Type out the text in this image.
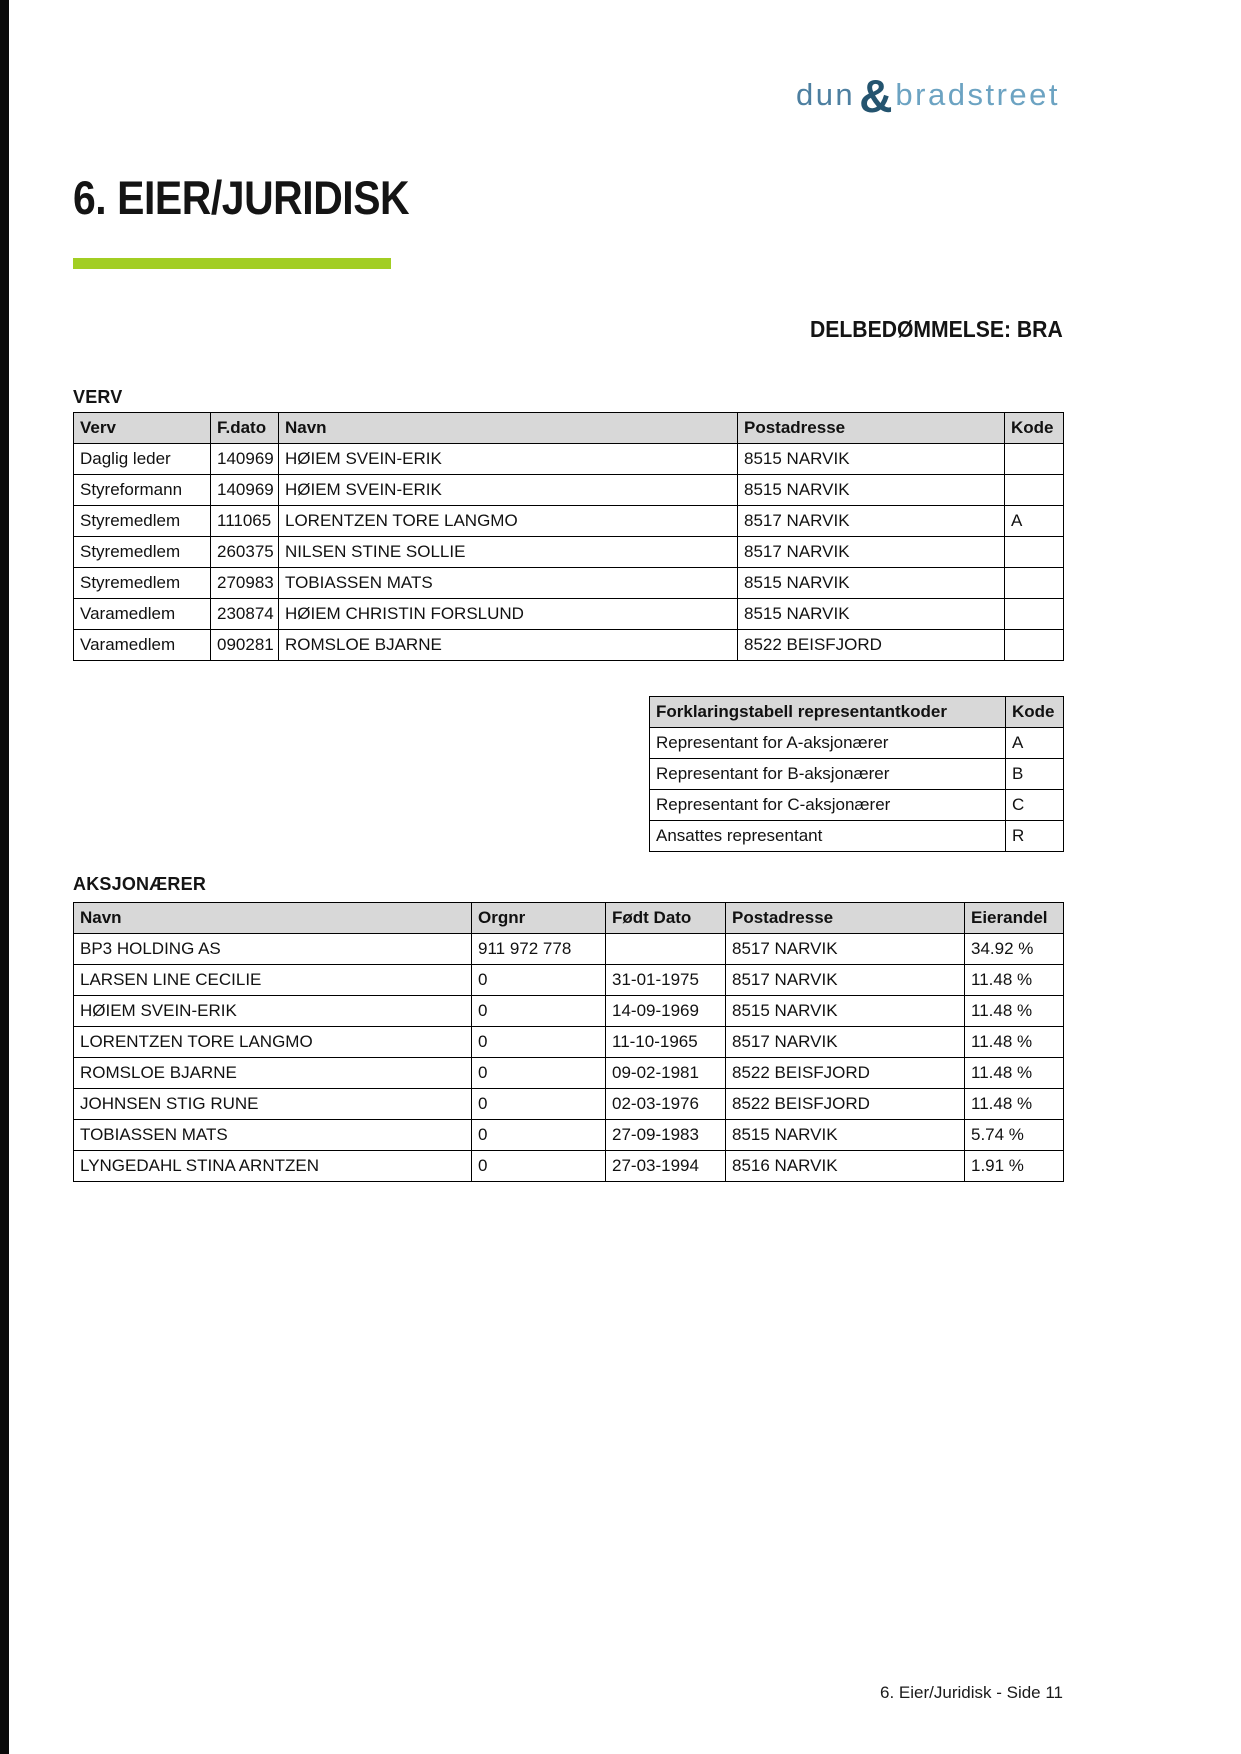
dun & bradstreet
6. EIER/JURIDISK
DELBEDØMMELSE: BRA
VERV
Verv	F.dato	Navn	Postadresse	Kode
Daglig leder	140969	HØIEM SVEIN-ERIK	8515 NARVIK	
Styreformann	140969	HØIEM SVEIN-ERIK	8515 NARVIK	
Styremedlem	111065	LORENTZEN TORE LANGMO	8517 NARVIK	A
Styremedlem	260375	NILSEN STINE SOLLIE	8517 NARVIK	
Styremedlem	270983	TOBIASSEN MATS	8515 NARVIK	
Varamedlem	230874	HØIEM CHRISTIN FORSLUND	8515 NARVIK	
Varamedlem	090281	ROMSLOE BJARNE	8522 BEISFJORD	
Forklaringstabell representantkoder	Kode
Representant for A-aksjonærer	A
Representant for B-aksjonærer	B
Representant for C-aksjonærer	C
Ansattes representant	R
AKSJONÆRER
Navn	Orgnr	Født Dato	Postadresse	Eierandel
BP3 HOLDING AS	911 972 778		8517 NARVIK	34.92 %
LARSEN LINE CECILIE	0	31-01-1975	8517 NARVIK	11.48 %
HØIEM SVEIN-ERIK	0	14-09-1969	8515 NARVIK	11.48 %
LORENTZEN TORE LANGMO	0	11-10-1965	8517 NARVIK	11.48 %
ROMSLOE BJARNE	0	09-02-1981	8522 BEISFJORD	11.48 %
JOHNSEN STIG RUNE	0	02-03-1976	8522 BEISFJORD	11.48 %
TOBIASSEN MATS	0	27-09-1983	8515 NARVIK	5.74 %
LYNGEDAHL STINA ARNTZEN	0	27-03-1994	8516 NARVIK	1.91 %
6. Eier/Juridisk - Side 11
